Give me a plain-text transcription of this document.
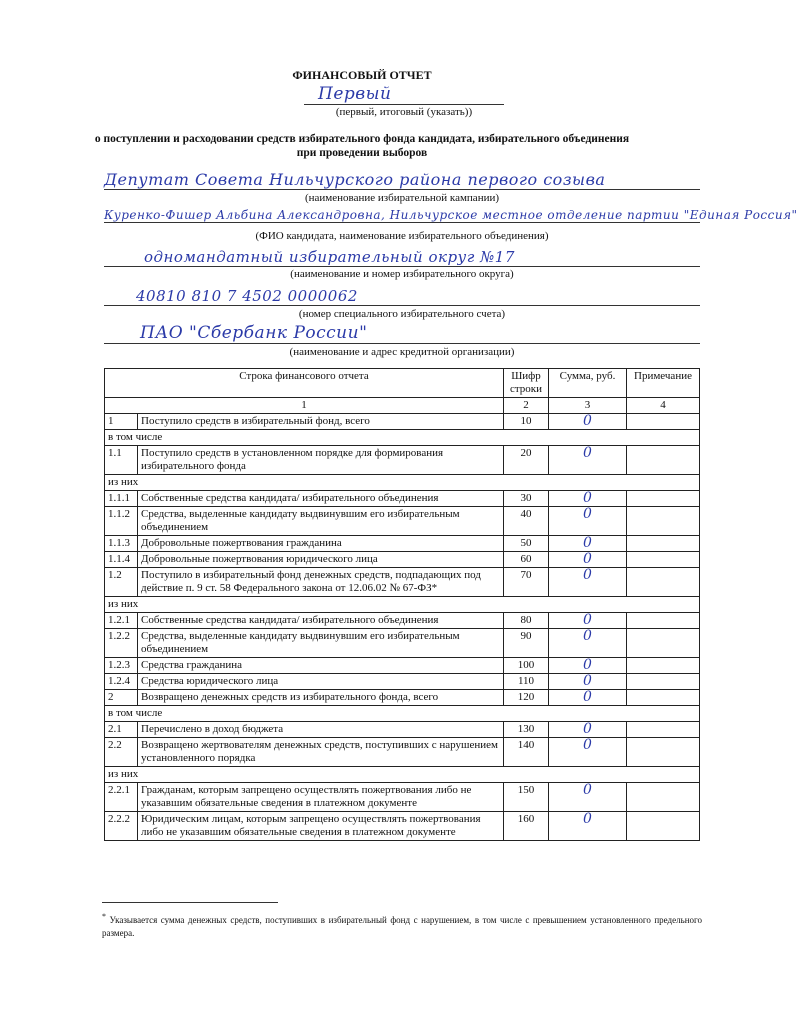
ФИНАНСОВЫЙ ОТЧЕТ
Первый
(первый, итоговый (указать))
о поступлении и расходовании средств избирательного фонда кандидата, избирательного объединения
при проведении выборов
Депутат Совета Нильчурского района первого созыва
(наименование избирательной кампании)
Куренко-Фишер Альбина Александровна, Нильчурское местное отделение партии "Единая Россия"
(ФИО кандидата, наименование избирательного объединения)
одномандатный избирательный округ №17
(наименование и номер избирательного округа)
40810 810 7 4502 0000062
(номер специального избирательного счета)
ПАО "Сбербанк России"
(наименование и адрес кредитной организации)
Строка финансового отчета		Шифр строки	Сумма, руб.	Примечание
1		2	3	4
1	Поступило средств в избирательный фонд, всего	10	0	
в том числе				
1.1	Поступило средств в установленном порядке для формирования избирательного фонда	20	0	
из них				
1.1.1	Собственные средства кандидата/ избирательного объединения	30	0	
1.1.2	Средства, выделенные кандидату выдвинувшим его избирательным объединением	40	0	
1.1.3	Добровольные пожертвования гражданина	50	0	
1.1.4	Добровольные пожертвования юридического лица	60	0	
1.2	Поступило в избирательный фонд денежных средств, подпадающих под действие п. 9 ст. 58 Федерального закона от 12.06.02 № 67-ФЗ*	70	0	
из них				
1.2.1	Собственные средства кандидата/ избирательного объединения	80	0	
1.2.2	Средства, выделенные кандидату выдвинувшим его избирательным объединением	90	0	
1.2.3	Средства гражданина	100	0	
1.2.4	Средства юридического лица	110	0	
2	Возвращено денежных средств из избирательного фонда, всего	120	0	
в том числе				
2.1	Перечислено в доход бюджета	130	0	
2.2	Возвращено жертвователям денежных средств, поступивших с нарушением установленного порядка	140	0	
из них				
2.2.1	Гражданам, которым запрещено осуществлять пожертвования либо не указавшим обязательные сведения в платежном документе	150	0	
2.2.2	Юридическим лицам, которым запрещено осуществлять пожертвования либо не указавшим обязательные сведения в платежном документе	160	0	
* Указывается сумма денежных средств, поступивших в избирательный фонд с нарушением, в том числе с превышением установленного предельного размера.
